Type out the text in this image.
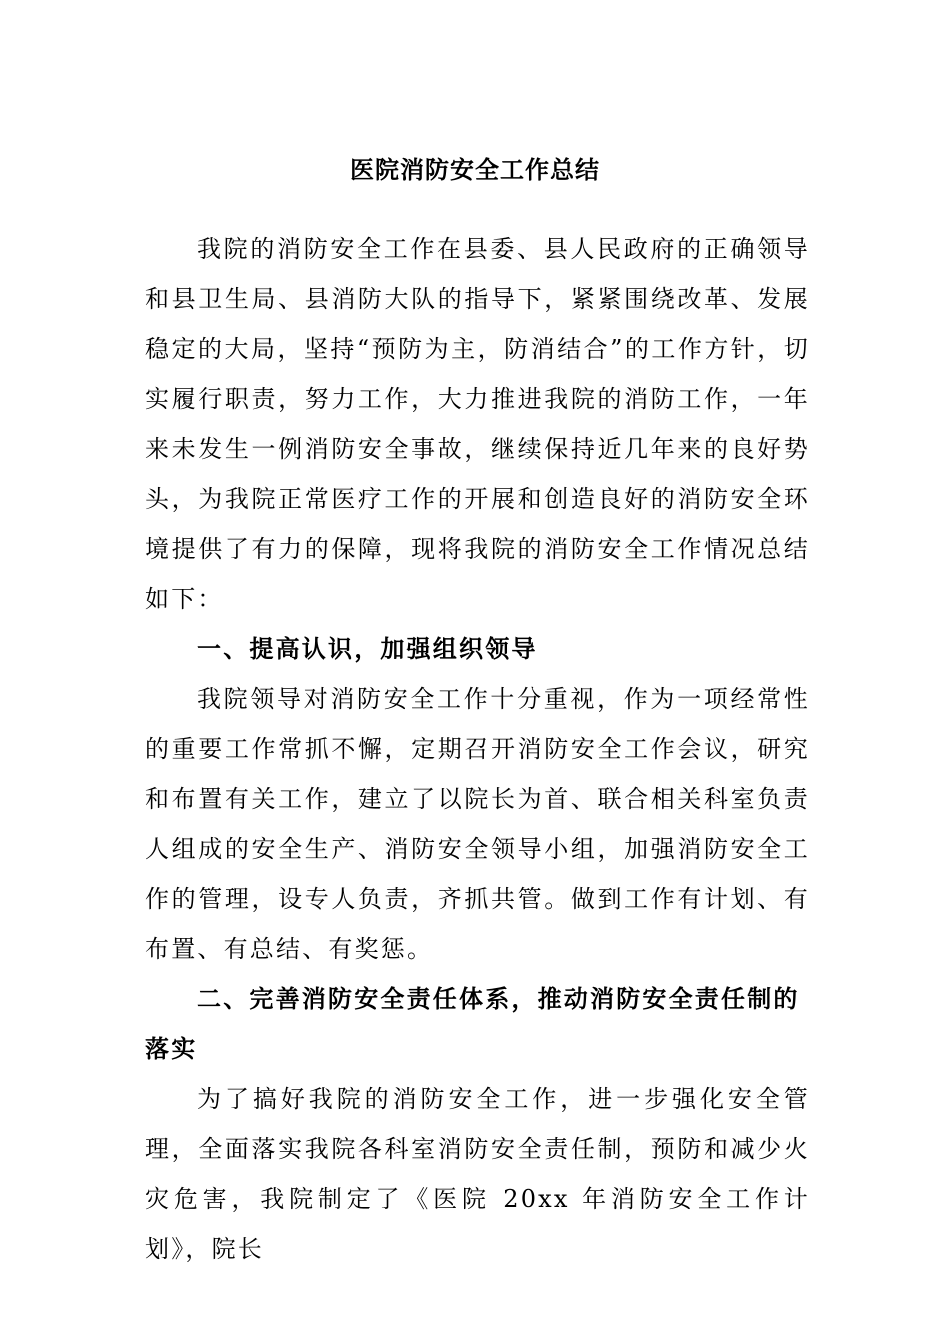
医院消防安全工作总结

我院的消防安全工作在县委、县人民政府的正确领导和县卫生局、县消防大队的指导下，紧紧围绕改革、发展稳定的大局，坚持“预防为主，防消结合”的工作方针，切实履行职责，努力工作，大力推进我院的消防工作，一年来未发生一例消防安全事故，继续保持近几年来的良好势头，为我院正常医疗工作的开展和创造良好的消防安全环境提供了有力的保障，现将我院的消防安全工作情况总结如下：

一、提高认识，加强组织领导

我院领导对消防安全工作十分重视，作为一项经常性的重要工作常抓不懈，定期召开消防安全工作会议，研究和布置有关工作，建立了以院长为首、联合相关科室负责人组成的安全生产、消防安全领导小组，加强消防安全工作的管理，设专人负责，齐抓共管。做到工作有计划、有布置、有总结、有奖惩。

二、完善消防安全责任体系，推动消防安全责任制的落实

为了搞好我院的消防安全工作，进一步强化安全管理，全面落实我院各科室消防安全责任制，预防和减少火灾危害，我院制定了《医院 20xx 年消防安全工作计划》，院长
